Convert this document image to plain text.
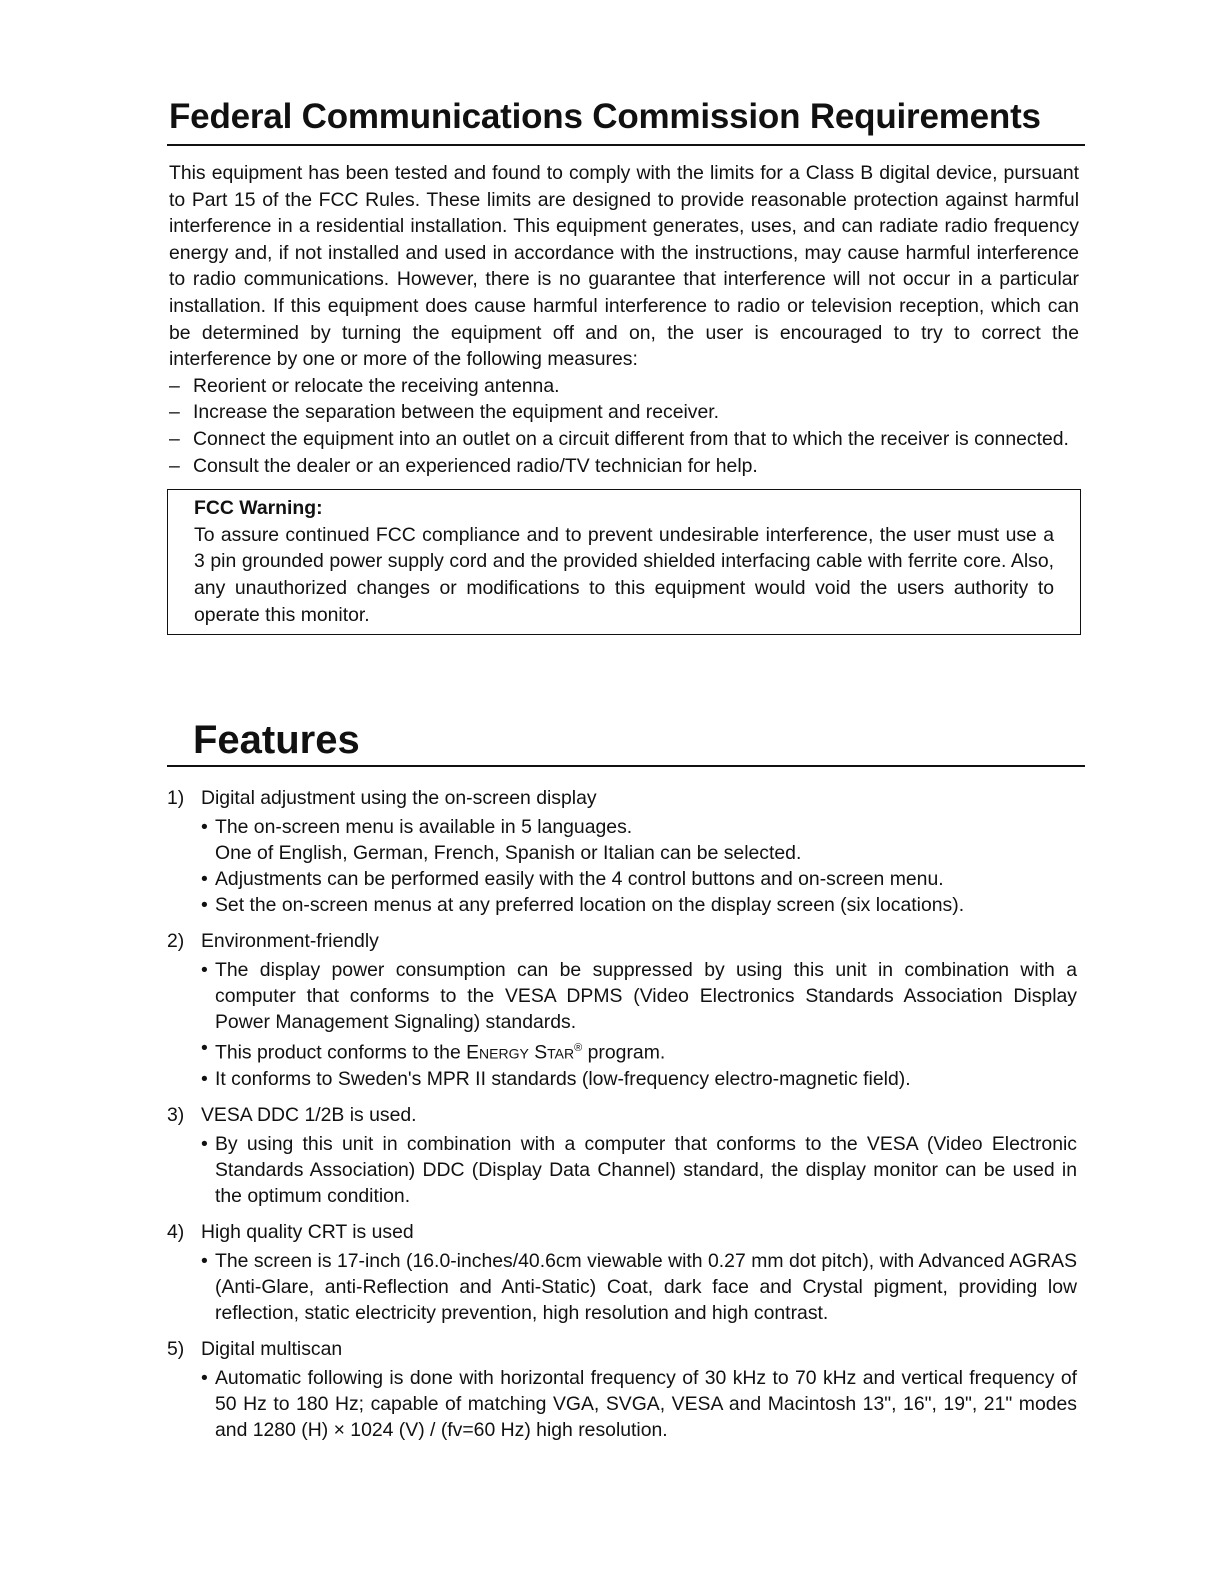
Federal Communications Commission Requirements
This equipment has been tested and found to comply with the limits for a Class B digital device, pursuant to Part 15 of the FCC Rules. These limits are designed to provide reasonable protection against harmful interference in a residential installation. This equipment generates, uses, and can radiate radio frequency energy and, if not installed and used in accordance with the instructions, may cause harmful interference to radio communications. However, there is no guarantee that interference will not occur in a particular installation. If this equipment does cause harmful interference to radio or television reception, which can be determined by turning the equipment off and on, the user is encouraged to try to correct the interference by one or more of the following measures:
– Reorient or relocate the receiving antenna.
– Increase the separation between the equipment and receiver.
– Connect the equipment into an outlet on a circuit different from that to which the receiver is connected.
– Consult the dealer or an experienced radio/TV technician for help.
FCC Warning:
To assure continued FCC compliance and to prevent undesirable interference, the user must use a 3 pin grounded power supply cord and the provided shielded interfacing cable with ferrite core. Also, any unauthorized changes or modifications to this equipment would void the users authority to operate this monitor.
Features
1) Digital adjustment using the on-screen display
• The on-screen menu is available in 5 languages.
One of English, German, French, Spanish or Italian can be selected.
• Adjustments can be performed easily with the 4 control buttons and on-screen menu.
• Set the on-screen menus at any preferred location on the display screen (six locations).
2) Environment-friendly
• The display power consumption can be suppressed by using this unit in combination with a computer that conforms to the VESA DPMS (Video Electronics Standards Association Display Power Management Signaling) standards.
• This product conforms to the Energy Star® program.
• It conforms to Sweden's MPR II standards (low-frequency electro-magnetic field).
3) VESA DDC 1/2B is used.
• By using this unit in combination with a computer that conforms to the VESA (Video Electronic Standards Association) DDC (Display Data Channel) standard, the display monitor can be used in the optimum condition.
4) High quality CRT is used
• The screen is 17-inch (16.0-inches/40.6cm viewable with 0.27 mm dot pitch), with Advanced AGRAS (Anti-Glare, anti-Reflection and Anti-Static) Coat, dark face and Crystal pigment, providing low reflection, static electricity prevention, high resolution and high contrast.
5) Digital multiscan
• Automatic following is done with horizontal frequency of 30 kHz to 70 kHz and vertical frequency of 50 Hz to 180 Hz; capable of matching VGA, SVGA, VESA and Macintosh 13", 16", 19", 21" modes and 1280 (H) × 1024 (V) / (fv=60 Hz) high resolution.
